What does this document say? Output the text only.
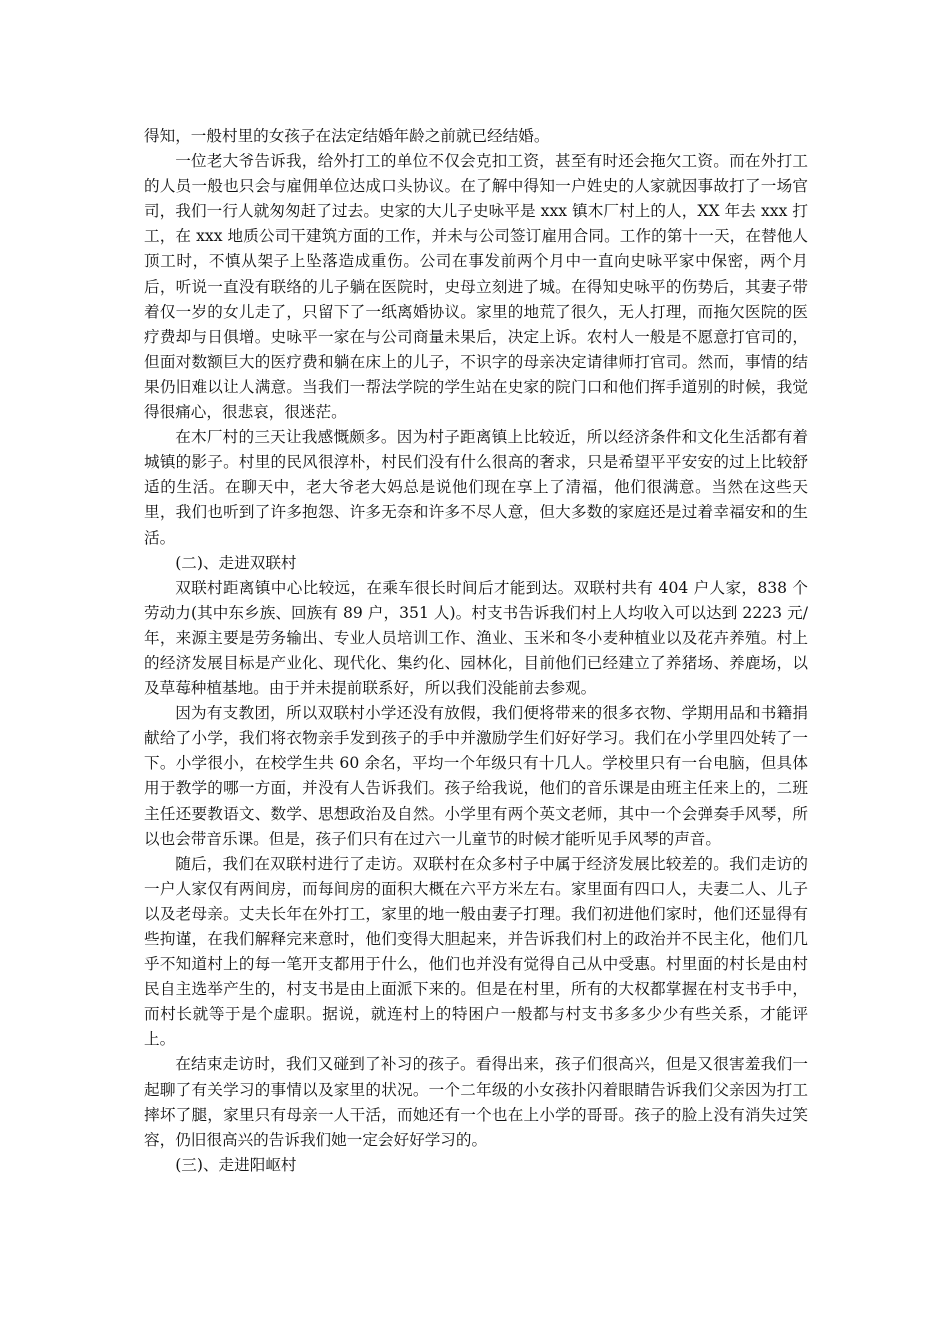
得知，一般村里的女孩子在法定结婚年龄之前就已经结婚。

一位老大爷告诉我，给外打工的单位不仅会克扣工资，甚至有时还会拖欠工资。而在外打工的人员一般也只会与雇佣单位达成口头协议。在了解中得知一户姓史的人家就因事故打了一场官司，我们一行人就匆匆赶了过去。史家的大儿子史咏平是 xxx 镇木厂村上的人，XX 年去 xxx 打工，在 xxx 地质公司干建筑方面的工作，并未与公司签订雇用合同。工作的第十一天，在替他人顶工时，不慎从架子上坠落造成重伤。公司在事发前两个月中一直向史咏平家中保密，两个月后，听说一直没有联络的儿子躺在医院时，史母立刻进了城。在得知史咏平的伤势后，其妻子带着仅一岁的女儿走了，只留下了一纸离婚协议。家里的地荒了很久，无人打理，而拖欠医院的医疗费却与日俱增。史咏平一家在与公司商量未果后，决定上诉。农村人一般是不愿意打官司的，但面对数额巨大的医疗费和躺在床上的儿子，不识字的母亲决定请律师打官司。然而，事情的结果仍旧难以让人满意。当我们一帮法学院的学生站在史家的院门口和他们挥手道别的时候，我觉得很痛心，很悲哀，很迷茫。

在木厂村的三天让我感慨颇多。因为村子距离镇上比较近，所以经济条件和文化生活都有着城镇的影子。村里的民风很淳朴，村民们没有什么很高的奢求，只是希望平平安安的过上比较舒适的生活。在聊天中，老大爷老大妈总是说他们现在享上了清福，他们很满意。当然在这些天里，我们也听到了许多抱怨、许多无奈和许多不尽人意，但大多数的家庭还是过着幸福安和的生活。

(二)、走进双联村

双联村距离镇中心比较远，在乘车很长时间后才能到达。双联村共有 404 户人家，838 个劳动力(其中东乡族、回族有 89 户，351 人)。村支书告诉我们村上人均收入可以达到 2223 元/年，来源主要是劳务输出、专业人员培训工作、渔业、玉米和冬小麦种植业以及花卉养殖。村上的经济发展目标是产业化、现代化、集约化、园林化，目前他们已经建立了养猪场、养鹿场，以及草莓种植基地。由于并未提前联系好，所以我们没能前去参观。

因为有支教团，所以双联村小学还没有放假，我们便将带来的很多衣物、学期用品和书籍捐献给了小学，我们将衣物亲手发到孩子的手中并激励学生们好好学习。我们在小学里四处转了一下。小学很小，在校学生共 60 余名，平均一个年级只有十几人。学校里只有一台电脑，但具体用于教学的哪一方面，并没有人告诉我们。孩子给我说，他们的音乐课是由班主任来上的，二班主任还要教语文、数学、思想政治及自然。小学里有两个英文老师，其中一个会弹奏手风琴，所以也会带音乐课。但是，孩子们只有在过六一儿童节的时候才能听见手风琴的声音。

随后，我们在双联村进行了走访。双联村在众多村子中属于经济发展比较差的。我们走访的一户人家仅有两间房，而每间房的面积大概在六平方米左右。家里面有四口人，夫妻二人、儿子以及老母亲。丈夫长年在外打工，家里的地一般由妻子打理。我们初进他们家时，他们还显得有些拘谨，在我们解释完来意时，他们变得大胆起来，并告诉我们村上的政治并不民主化，他们几乎不知道村上的每一笔开支都用于什么，他们也并没有觉得自己从中受惠。村里面的村长是由村民自主选举产生的，村支书是由上面派下来的。但是在村里，所有的大权都掌握在村支书手中，而村长就等于是个虚职。据说，就连村上的特困户一般都与村支书多多少少有些关系，才能评上。

在结束走访时，我们又碰到了补习的孩子。看得出来，孩子们很高兴，但是又很害羞我们一起聊了有关学习的事情以及家里的状况。一个二年级的小女孩扑闪着眼睛告诉我们父亲因为打工摔坏了腿，家里只有母亲一人干活，而她还有一个也在上小学的哥哥。孩子的脸上没有消失过笑容，仍旧很高兴的告诉我们她一定会好好学习的。

(三)、走进阳岖村
